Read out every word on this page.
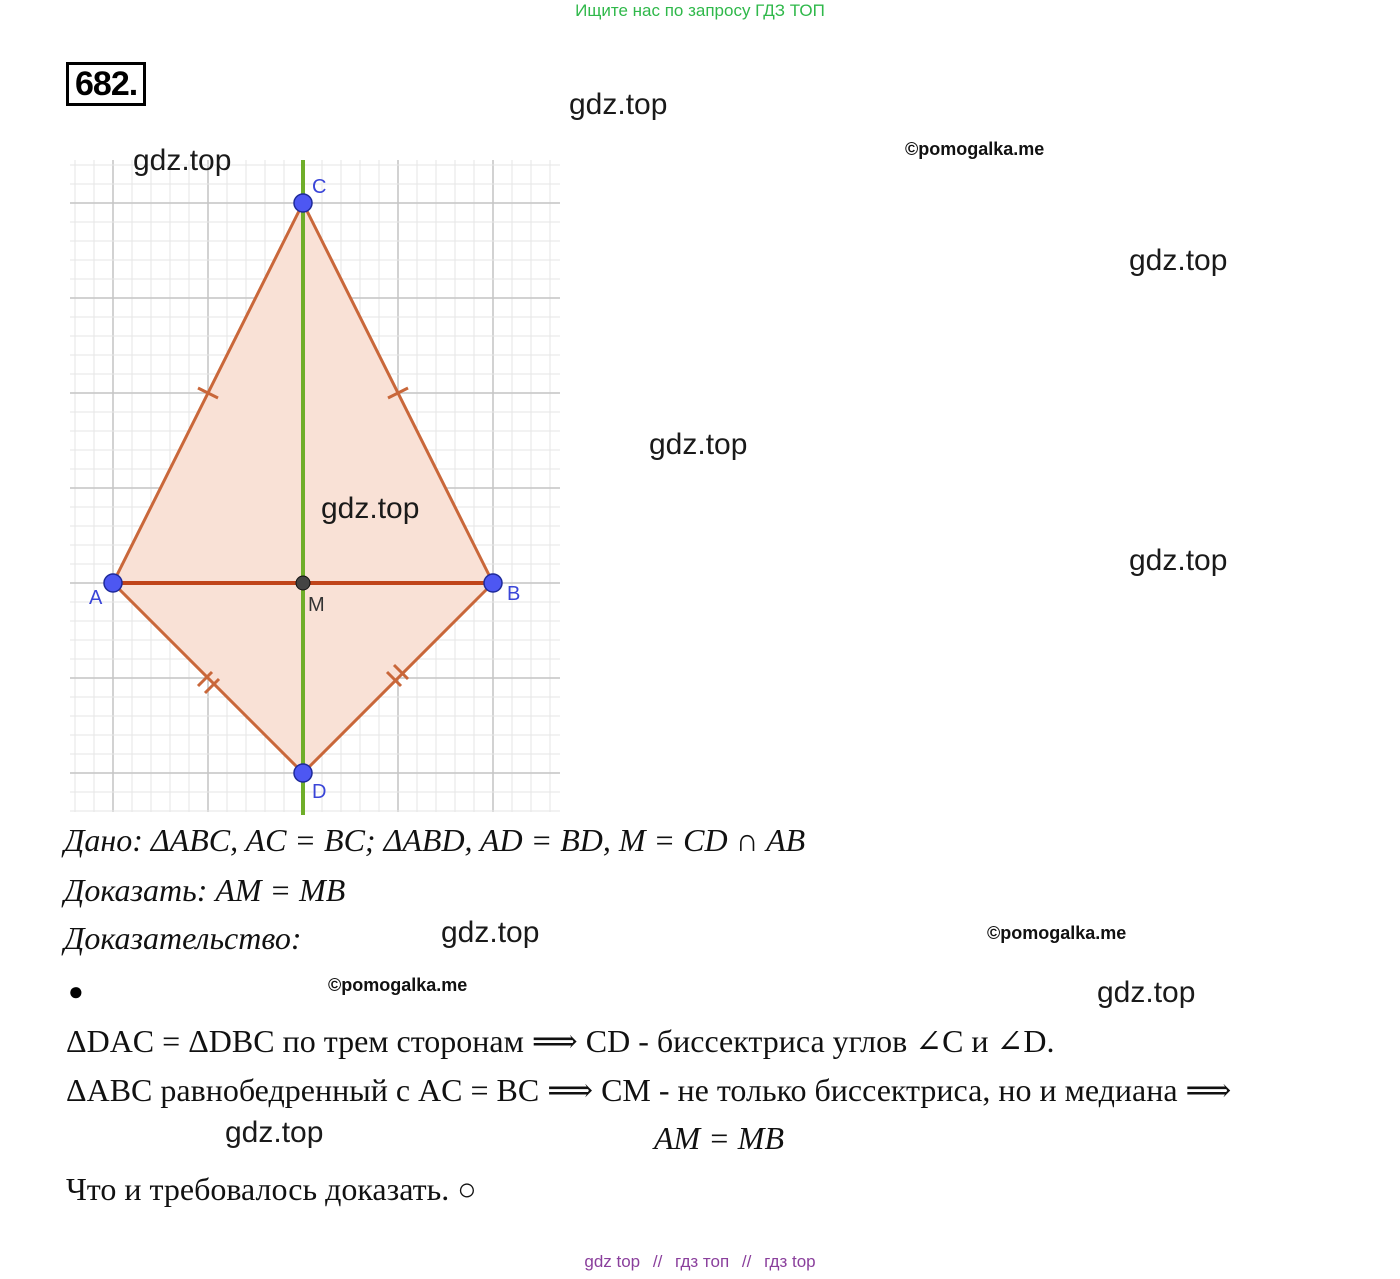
Ищите нас по запросу ГДЗ ТОП
682.
C
A	B
M
D
gdz.top
gdz.top	©pomogalka.me
gdz.top
gdz.top
gdz.top
gdz.top
gdz.top	©pomogalka.me
©pomogalka.me	gdz.top
gdz.top
Дано: ΔABC, AC = BC; ΔABD, AD = BD, M = CD ∩ AB
Доказать: AM = MB
Доказательство:
●
ΔDAC = ΔDBC по трем сторонам ⟹ CD - биссектриса углов ∠C и ∠D.
ΔABC равнобедренный с AC = BC ⟹ CM - не только биссектриса, но и медиана ⟹
AM = MB
Что и требовалось доказать. ○
gdz top // гдз топ // гдз top
